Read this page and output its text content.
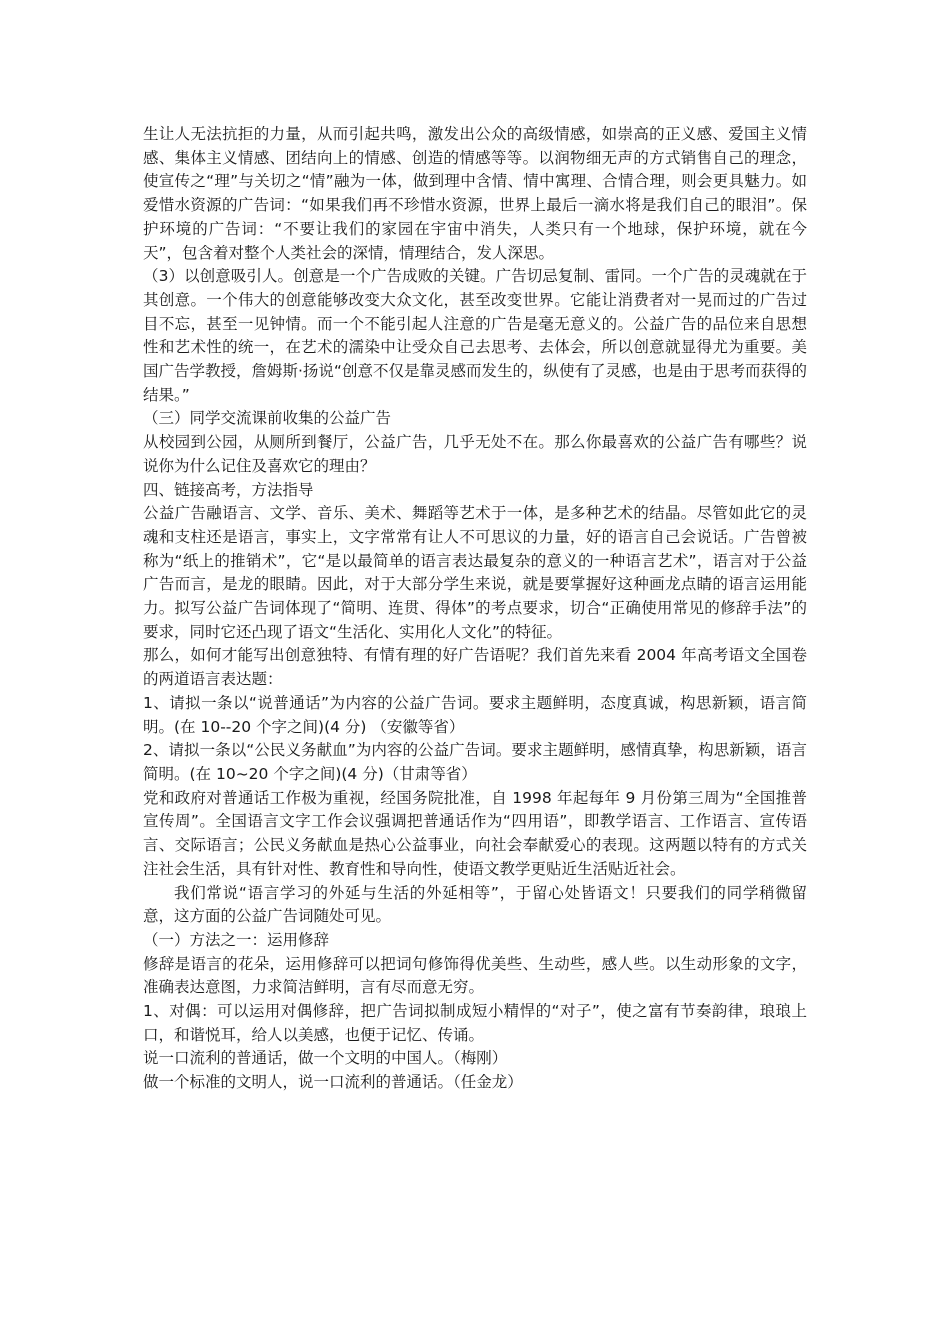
生让人无法抗拒的力量，从而引起共鸣，激发出公众的高级情感，如崇高的正义感、爱国主义情感、集体主义情感、团结向上的情感、创造的情感等等。以润物细无声的方式销售自己的理念，使宣传之“理”与关切之“情”融为一体，做到理中含情、情中寓理、合情合理，则会更具魅力。如爱惜水资源的广告词：“如果我们再不珍惜水资源，世界上最后一滴水将是我们自己的眼泪”。保护环境的广告词：“不要让我们的家园在宇宙中消失，人类只有一个地球，保护环境，就在今天”，包含着对整个人类社会的深情，情理结合，发人深思。

（3）以创意吸引人。创意是一个广告成败的关键。广告切忌复制、雷同。一个广告的灵魂就在于其创意。一个伟大的创意能够改变大众文化，甚至改变世界。它能让消费者对一晃而过的广告过目不忘，甚至一见钟情。而一个不能引起人注意的广告是毫无意义的。公益广告的品位来自思想性和艺术性的统一，在艺术的濡染中让受众自己去思考、去体会，所以创意就显得尤为重要。美国广告学教授，詹姆斯·扬说“创意不仅是靠灵感而发生的，纵使有了灵感，也是由于思考而获得的结果。”

（三）同学交流课前收集的公益广告

从校园到公园，从厕所到餐厅，公益广告，几乎无处不在。那么你最喜欢的公益广告有哪些？说说你为什么记住及喜欢它的理由？

四、链接高考，方法指导

公益广告融语言、文学、音乐、美术、舞蹈等艺术于一体，是多种艺术的结晶。尽管如此它的灵魂和支柱还是语言，事实上，文字常常有让人不可思议的力量，好的语言自己会说话。广告曾被称为“纸上的推销术”，它“是以最简单的语言表达最复杂的意义的一种语言艺术”，语言对于公益广告而言，是龙的眼睛。因此，对于大部分学生来说，就是要掌握好这种画龙点睛的语言运用能力。拟写公益广告词体现了“简明、连贯、得体”的考点要求，切合“正确使用常见的修辞手法”的要求，同时它还凸现了语文“生活化、实用化人文化”的特征。

那么，如何才能写出创意独特、有情有理的好广告语呢？我们首先来看 2004 年高考语文全国卷的两道语言表达题：

1、请拟一条以“说普通话”为内容的公益广告词。要求主题鲜明，态度真诚，构思新颖，语言简明。(在 10--20 个字之间)(4 分) （安徽等省）

2、请拟一条以“公民义务献血”为内容的公益广告词。要求主题鲜明，感情真挚，构思新颖，语言简明。(在 10~20 个字之间)(4 分)（甘肃等省）

党和政府对普通话工作极为重视，经国务院批准，自 1998 年起每年 9 月份第三周为“全国推普宣传周”。全国语言文字工作会议强调把普通话作为“四用语”，即教学语言、工作语言、宣传语言、交际语言；公民义务献血是热心公益事业，向社会奉献爱心的表现。这两题以特有的方式关注社会生活，具有针对性、教育性和导向性，使语文教学更贴近生活贴近社会。

我们常说“语言学习的外延与生活的外延相等”，于留心处皆语文！只要我们的同学稍微留意，这方面的公益广告词随处可见。

（一）方法之一：运用修辞

修辞是语言的花朵，运用修辞可以把词句修饰得优美些、生动些，感人些。以生动形象的文字，准确表达意图，力求简洁鲜明，言有尽而意无穷。

1、对偶：可以运用对偶修辞，把广告词拟制成短小精悍的“对子”，使之富有节奏韵律，琅琅上口，和谐悦耳，给人以美感，也便于记忆、传诵。

说一口流利的普通话，做一个文明的中国人。（梅刚）

做一个标准的文明人，说一口流利的普通话。（任金龙）
